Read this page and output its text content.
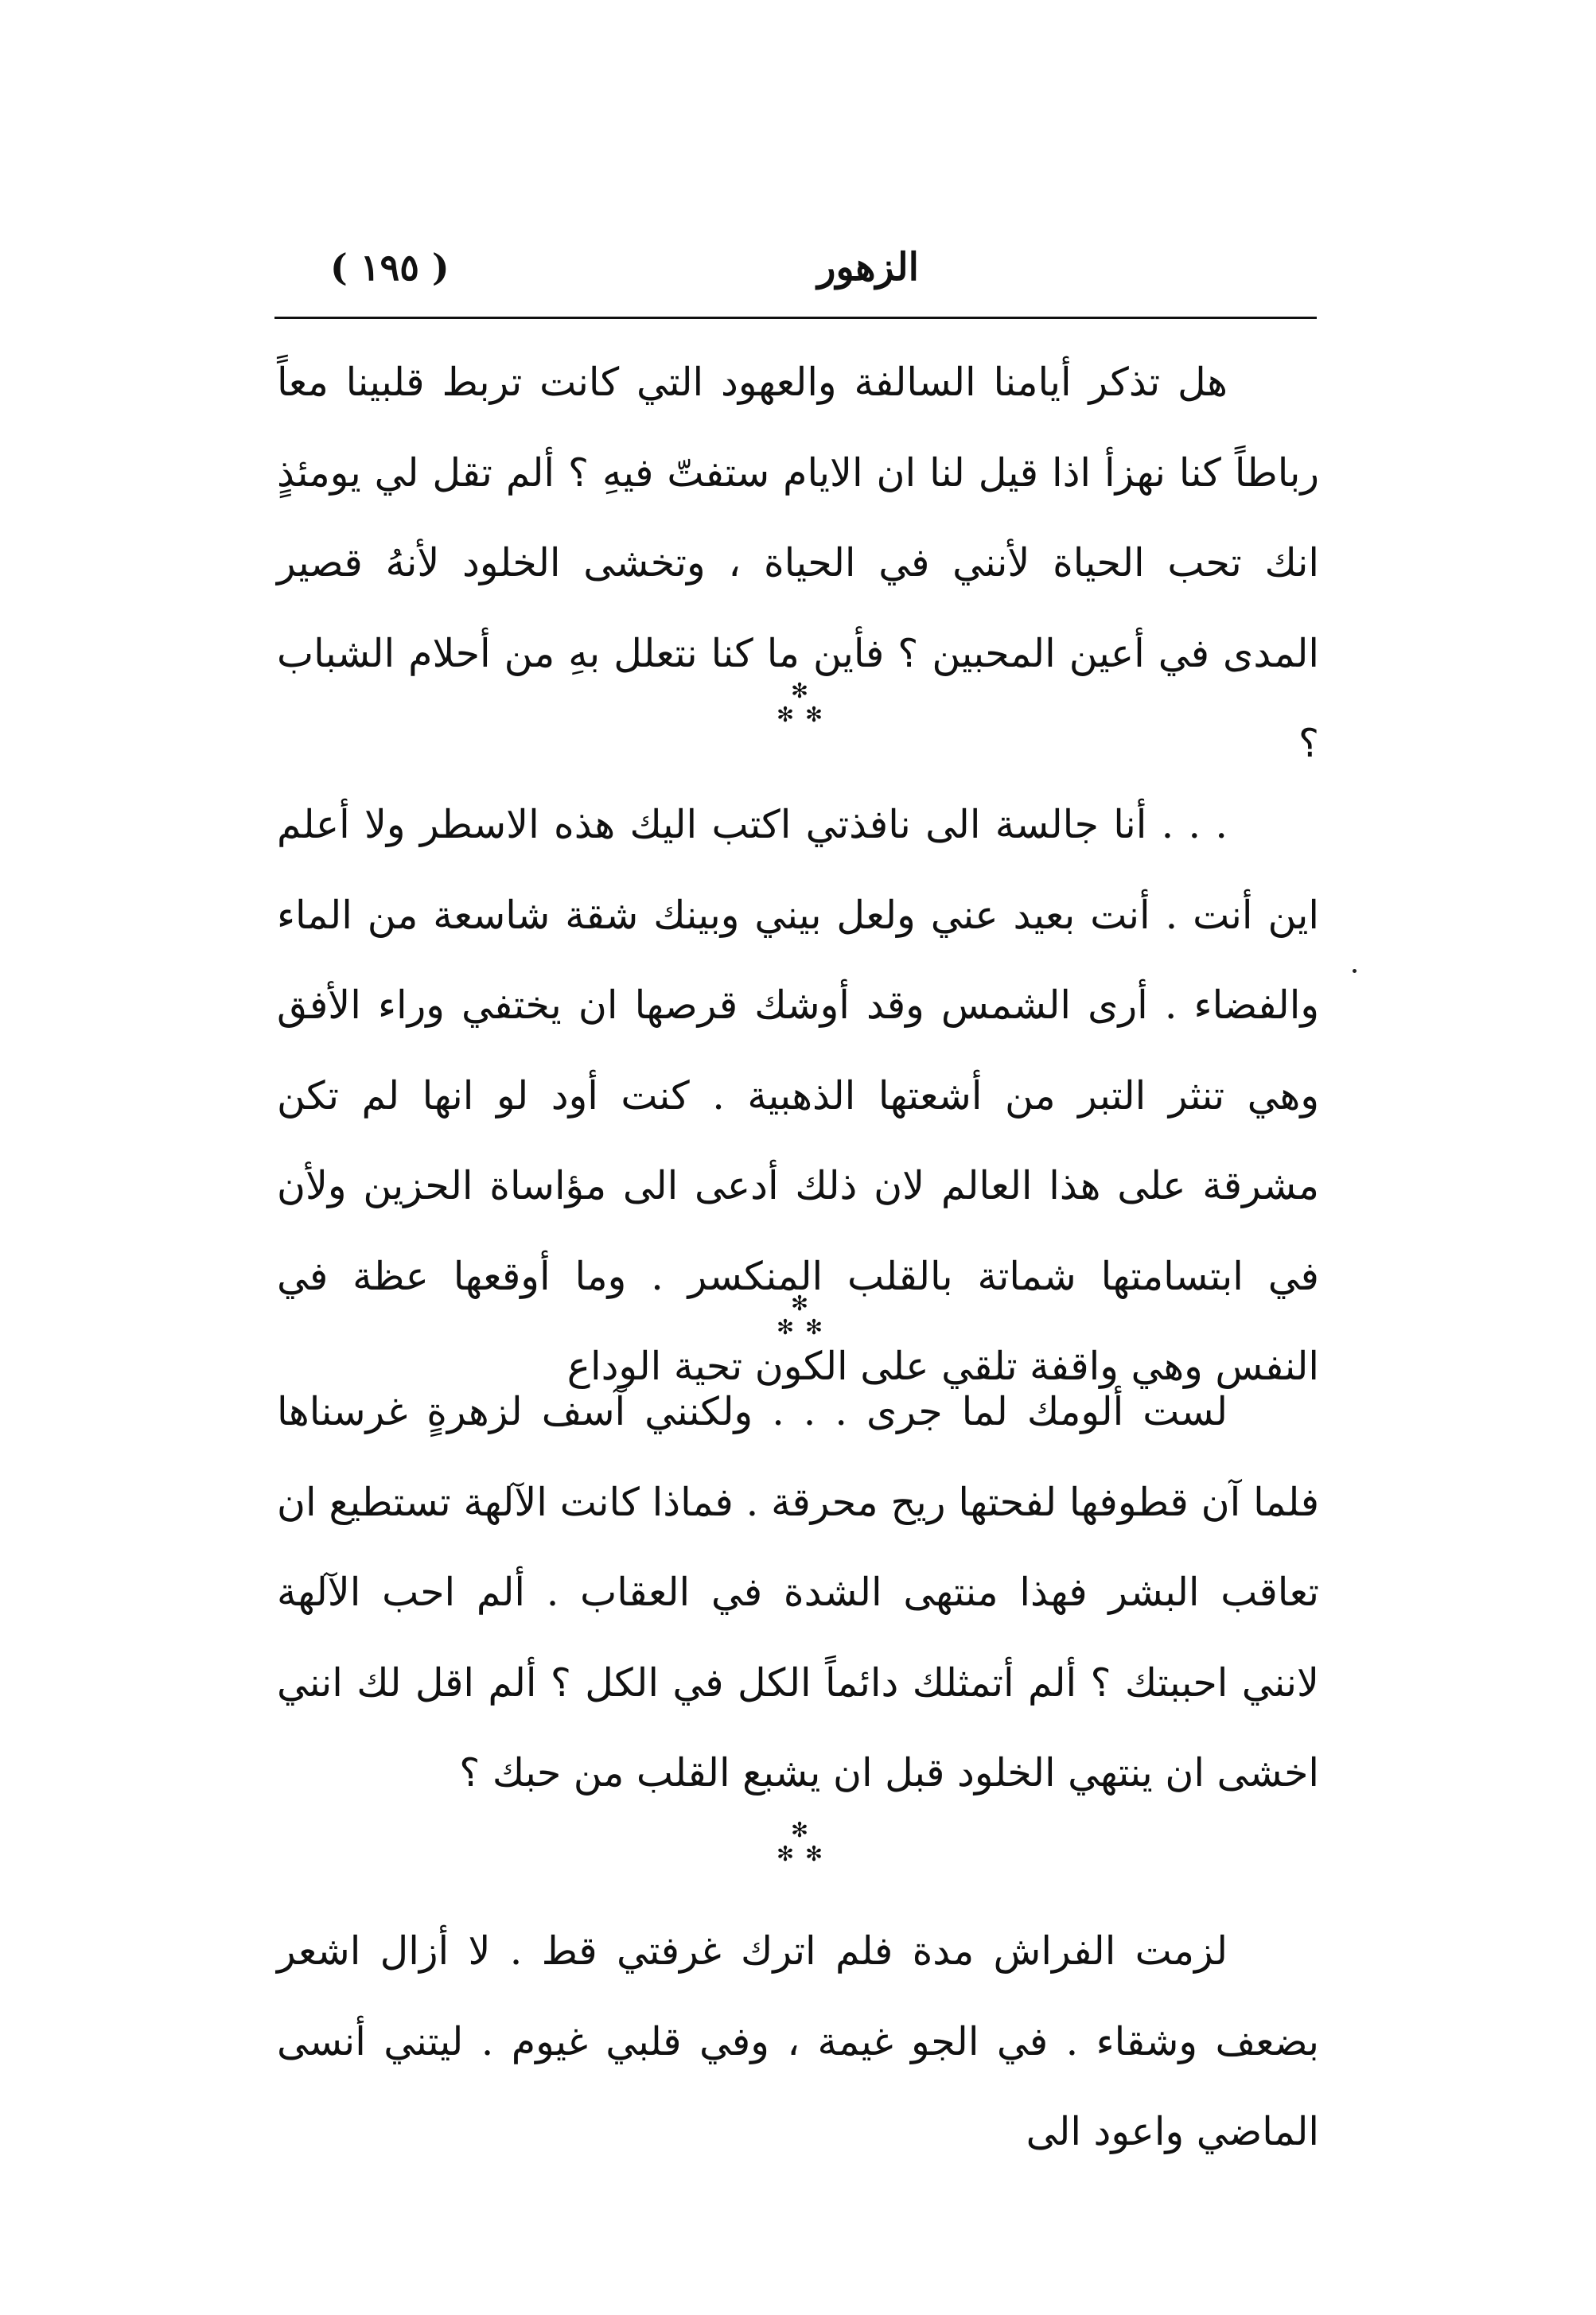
الزهور
( ١٩٥ )

هل تذكر أيامنا السالفة والعهود التي كانت تربط قلبينا معاً رباطاً كنا نهزأ اذا قيل لنا ان الايام ستفتّ فيهِ ؟ ألم تقل لي يومئذٍ انك تحب الحياة لأنني في الحياة ، وتخشى الخلود لأنهُ قصير المدى في أعين المحبين ؟ فأين ما كنا نتعلل بهِ من أحلام الشباب ؟

✻
✻ ✻

. . . أنا جالسة الى نافذتي اكتب اليك هذه الاسطر ولا أعلم اين أنت . أنت بعيد عني ولعل بيني وبينك شقة شاسعة من الماء والفضاء . أرى الشمس وقد أوشك قرصها ان يختفي وراء الأفق وهي تنثر التبر من أشعتها الذهبية . كنت أود لو انها لم تكن مشرقة على هذا العالم لان ذلك أدعى الى مؤاساة الحزين ولأن في ابتسامتها شماتة بالقلب المنكسر . وما أوقعها عظة في النفس وهي واقفة تلقي على الكون تحية الوداع

✻
✻ ✻

لست ألومك لما جرى . . . ولكنني آسف لزهرةٍ غرسناها فلما آن قطوفها لفحتها ريح محرقة . فماذا كانت الآلهة تستطيع ان تعاقب البشر فهذا منتهى الشدة في العقاب . ألم احب الآلهة لانني احببتك ؟ ألم أتمثلك دائماً الكل في الكل ؟ ألم اقل لك انني اخشى ان ينتهي الخلود قبل ان يشبع القلب من حبك ؟

✻
✻ ✻

لزمت الفراش مدة فلم اترك غرفتي قط . لا أزال اشعر بضعف وشقاء . في الجو غيمة ، وفي قلبي غيوم . ليتني أنسى الماضي واعود الى
